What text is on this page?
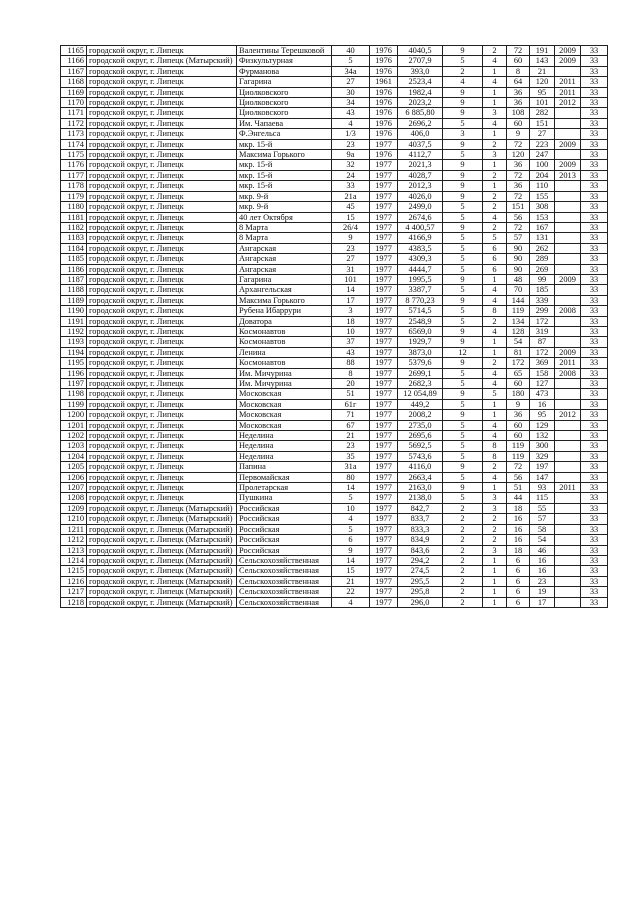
1165	городской округ, г. Липецк	Валентины Терешковой	40	1976	4040,5	9	2	72	191	2009	33
1166	городской округ, г. Липецк (Матырский)	Физкультурная	5	1976	2707,9	5	4	60	143	2009	33
1167	городской округ, г. Липецк	Фурманова	34а	1976	393,0	2	1	8	21		33
1168	городской округ, г. Липецк	Гагарина	27	1961	2523,4	4	4	64	120	2011	33
1169	городской округ, г. Липецк	Циолковского	30	1976	1982,4	9	1	36	95	2011	33
1170	городской округ, г. Липецк	Циолковского	34	1976	2023,2	9	1	36	101	2012	33
1171	городской округ, г. Липецк	Циолковского	43	1976	6 885,80	9	3	108	282		33
1172	городской округ, г. Липецк	Им. Чапаева	4	1976	2696,2	5	4	60	151		33
1173	городской округ, г. Липецк	Ф.Энгельса	1/3	1976	406,0	3	1	9	27		33
1174	городской округ, г. Липецк	мкр. 15-й	23	1977	4037,5	9	2	72	223	2009	33
1175	городской округ, г. Липецк	Максима Горького	9а	1976	4112,7	5	3	120	247		33
1176	городской округ, г. Липецк	мкр. 15-й	32	1977	2021,3	9	1	36	100	2009	33
1177	городской округ, г. Липецк	мкр. 15-й	24	1977	4028,7	9	2	72	204	2013	33
1178	городской округ, г. Липецк	мкр. 15-й	33	1977	2012,3	9	1	36	110		33
1179	городской округ, г. Липецк	мкр. 9-й	21а	1977	4026,0	9	2	72	155		33
1180	городской округ, г. Липецк	мкр. 9-й	45	1977	2499,0	5	2	151	308		33
1181	городской округ, г. Липецк	40 лет Октября	15	1977	2674,6	5	4	56	153		33
1182	городской округ, г. Липецк	8 Марта	26/4	1977	4 400,57	9	2	72	167		33
1183	городской округ, г. Липецк	8 Марта	9	1977	4166,9	5	5	57	131		33
1184	городской округ, г. Липецк	Ангарская	23	1977	4383,5	5	6	90	262		33
1185	городской округ, г. Липецк	Ангарская	27	1977	4309,3	5	6	90	289		33
1186	городской округ, г. Липецк	Ангарская	31	1977	4444,7	5	6	90	269		33
1187	городской округ, г. Липецк	Гагарина	101	1977	1995,5	9	1	48	99	2009	33
1188	городской округ, г. Липецк	Архангельская	14	1977	3387,7	5	4	70	185		33
1189	городской округ, г. Липецк	Максима Горького	17	1977	8 770,23	9	4	144	339		33
1190	городской округ, г. Липецк	Рубена Ибаррури	3	1977	5714,5	5	8	119	299	2008	33
1191	городской округ, г. Липецк	Доватора	18	1977	2548,9	5	2	134	172		33
1192	городской округ, г. Липецк	Космонавтов	10	1977	6569,0	9	4	128	319		33
1193	городской округ, г. Липецк	Космонавтов	37	1977	1929,7	9	1	54	87		33
1194	городской округ, г. Липецк	Ленина	43	1977	3873,0	12	1	81	172	2009	33
1195	городской округ, г. Липецк	Космонавтов	88	1977	5379,6	9	2	172	369	2011	33
1196	городской округ, г. Липецк	Им. Мичурина	8	1977	2699,1	5	4	65	158	2008	33
1197	городской округ, г. Липецк	Им. Мичурина	20	1977	2682,3	5	4	60	127		33
1198	городской округ, г. Липецк	Московская	51	1977	12 054,89	9	5	180	473		33
1199	городской округ, г. Липецк	Московская	61г	1977	449,2	5	1	9	16		33
1200	городской округ, г. Липецк	Московская	71	1977	2008,2	9	1	36	95	2012	33
1201	городской округ, г. Липецк	Московская	67	1977	2735,0	5	4	60	129		33
1202	городской округ, г. Липецк	Неделина	21	1977	2695,6	5	4	60	132		33
1203	городской округ, г. Липецк	Неделина	23	1977	5692,5	5	8	119	300		33
1204	городской округ, г. Липецк	Неделина	35	1977	5743,6	5	8	119	329		33
1205	городской округ, г. Липецк	Папина	31а	1977	4116,0	9	2	72	197		33
1206	городской округ, г. Липецк	Первомайская	80	1977	2663,4	5	4	56	147		33
1207	городской округ, г. Липецк	Пролетарская	14	1977	2163,0	9	1	51	93	2011	33
1208	городской округ, г. Липецк	Пушкина	5	1977	2138,0	5	3	44	115		33
1209	городской округ, г. Липецк (Матырский)	Российская	10	1977	842,7	2	3	18	55		33
1210	городской округ, г. Липецк (Матырский)	Российская	4	1977	833,7	2	2	16	57		33
1211	городской округ, г. Липецк (Матырский)	Российская	5	1977	833,3	2	2	16	58		33
1212	городской округ, г. Липецк (Матырский)	Российская	6	1977	834,9	2	2	16	54		33
1213	городской округ, г. Липецк (Матырский)	Российская	9	1977	843,6	2	3	18	46		33
1214	городской округ, г. Липецк (Матырский)	Сельскохозяйственная	14	1977	294,2	2	1	6	16		33
1215	городской округ, г. Липецк (Матырский)	Сельскохозяйственная	15	1977	274,5	2	1	6	16		33
1216	городской округ, г. Липецк (Матырский)	Сельскохозяйственная	21	1977	295,5	2	1	6	23		33
1217	городской округ, г. Липецк (Матырский)	Сельскохозяйственная	22	1977	295,8	2	1	6	19		33
1218	городской округ, г. Липецк (Матырский)	Сельскохозяйственная	4	1977	296,0	2	1	6	17		33
